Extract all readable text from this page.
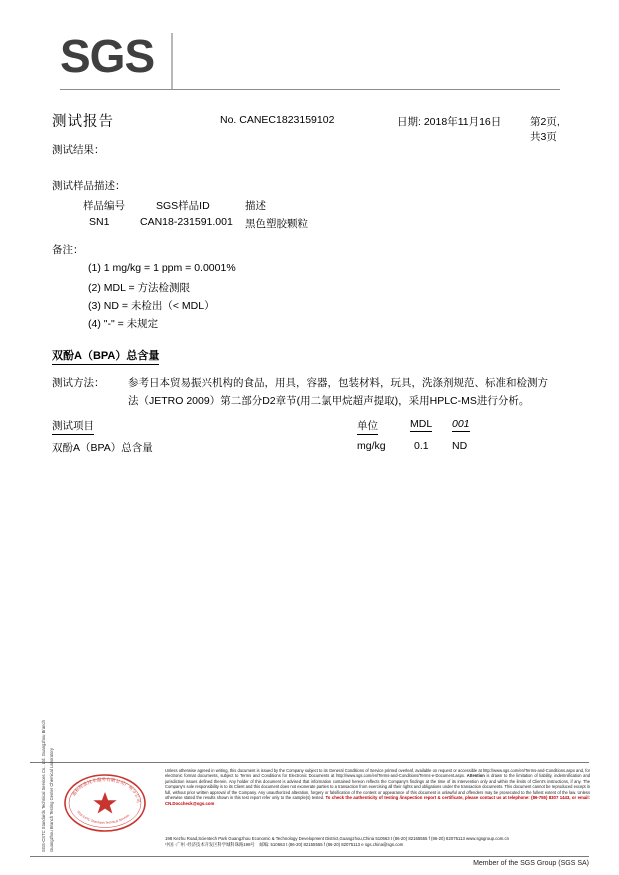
SGS
测试报告	No. CANEC1823159102	日期: 2018年11月16日	第2页,共3页
测试结果：
测试样品描述：
样品编号	SGS样品ID	描述
SN1	CAN18-231591.001 黑色塑胶颗粒
备注：
(1) 1 mg/kg = 1 ppm = 0.0001%
(2) MDL = 方法检测限
(3) ND = 未检出（< MDL）
(4) "-" = 未规定
双酚A（BPA）总含量
测试方法： 参考日本贸易振兴机构的食品，用具，容器，包装材料，玩具，洗涤剂规范、标准和检测方
法（JETRO 2009）第二部分D2章节(用二氯甲烷超声提取)，采用HPLC-MS进行分析。
测试项目	单位	MDL 001
双酚A（BPA）总含量	mg/kg	0.1 ND
通标标准技术服务有限公司广州分公司
SGS-CSTC Standards Technical Services
SGS-CSTC Standards Technical Services Co., Ltd. Guangzhou Branch Guangzhou Branch Testing Center Chemical Laboratory	Unless otherwise agreed in writing, this document is issued by the Company subject to its General Conditions of Service printed overleaf, available on request or accessible at http://www.sgs.com/en/Terms-and-Conditions.aspx and, for electronic format documents, subject to Terms and Conditions for Electronic Documents at http://www.sgs.com/en/Terms-and-Conditions/Terms-e-Document.aspx. Attention is drawn to the limitation of liability, indemnification and jurisdiction issues defined therein. Any holder of this document is advised that information contained hereon reflects the Company's findings at the time of its intervention only and within the limits of Client's instructions, if any. The Company's sole responsibility is to its Client and this document does not exonerate parties to a transaction from exercising all their rights and obligations under the transaction documents. This document cannot be reproduced except in full, without prior written approval of the Company. Any unauthorized alteration, forgery or falsification of the content or appearance of this document is unlawful and offenders may be prosecuted to the fullest extent of the law. Unless otherwise stated the results shown in this test report refer only to the sample(s) tested. To check the authenticity of testing /inspection report & certificate, please contact us at telephone: (86-755) 8307 1443, or email: CN.Doccheck@sgs.com
198 Kezhu Road,Scientech Park Guangzhou Economic & Technology Development District,Guangzhou,China 510663 t (86-20) 82155555 f (86-20) 82075113 www.sgsgroup.com.cn
中国 ·广州 ·经济技术开发区科学城科珠路198号 邮编: 510663 t (86-20) 82155555 f (86-20) 82075113 e sgs.china@sgs.com
Member of the SGS Group (SGS SA)
